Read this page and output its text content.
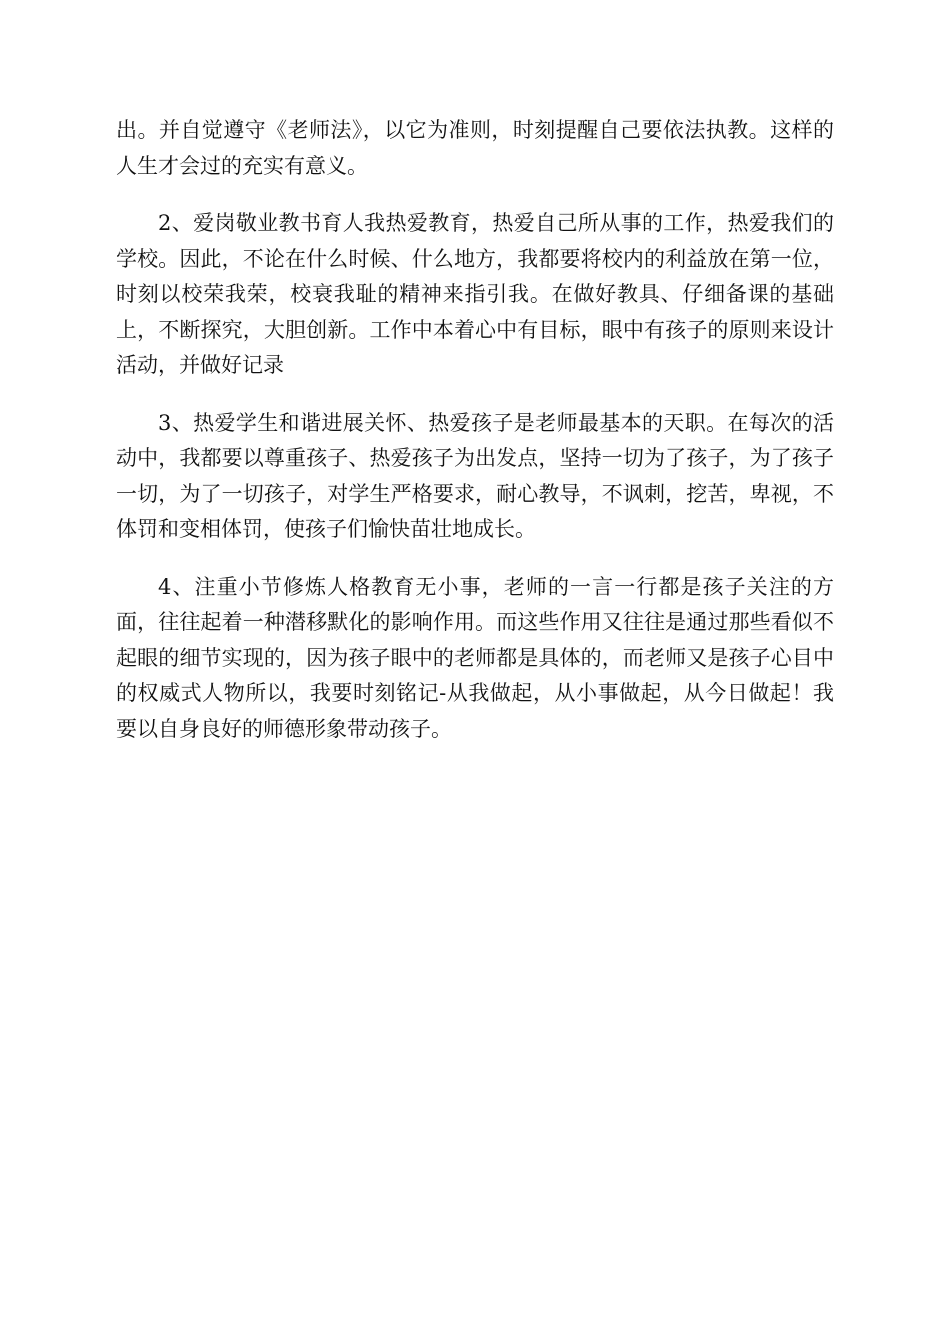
出。并自觉遵守《老师法》，以它为准则，时刻提醒自己要依法执教。这样的人生才会过的充实有意义。

2、爱岗敬业教书育人我热爱教育，热爱自己所从事的工作，热爱我们的学校。因此，不论在什么时候、什么地方，我都要将校内的利益放在第一位，时刻以校荣我荣，校衰我耻的精神来指引我。在做好教具、仔细备课的基础上，不断探究，大胆创新。工作中本着心中有目标，眼中有孩子的原则来设计活动，并做好记录

3、热爱学生和谐进展关怀、热爱孩子是老师最基本的天职。在每次的活动中，我都要以尊重孩子、热爱孩子为出发点，坚持一切为了孩子，为了孩子一切，为了一切孩子，对学生严格要求，耐心教导，不讽刺，挖苦，卑视，不体罚和变相体罚，使孩子们愉快苗壮地成长。

4、注重小节修炼人格教育无小事，老师的一言一行都是孩子关注的方面，往往起着一种潜移默化的影响作用。而这些作用又往往是通过那些看似不起眼的细节实现的，因为孩子眼中的老师都是具体的，而老师又是孩子心目中的权威式人物所以，我要时刻铭记-从我做起，从小事做起，从今日做起！我要以自身良好的师德形象带动孩子。
